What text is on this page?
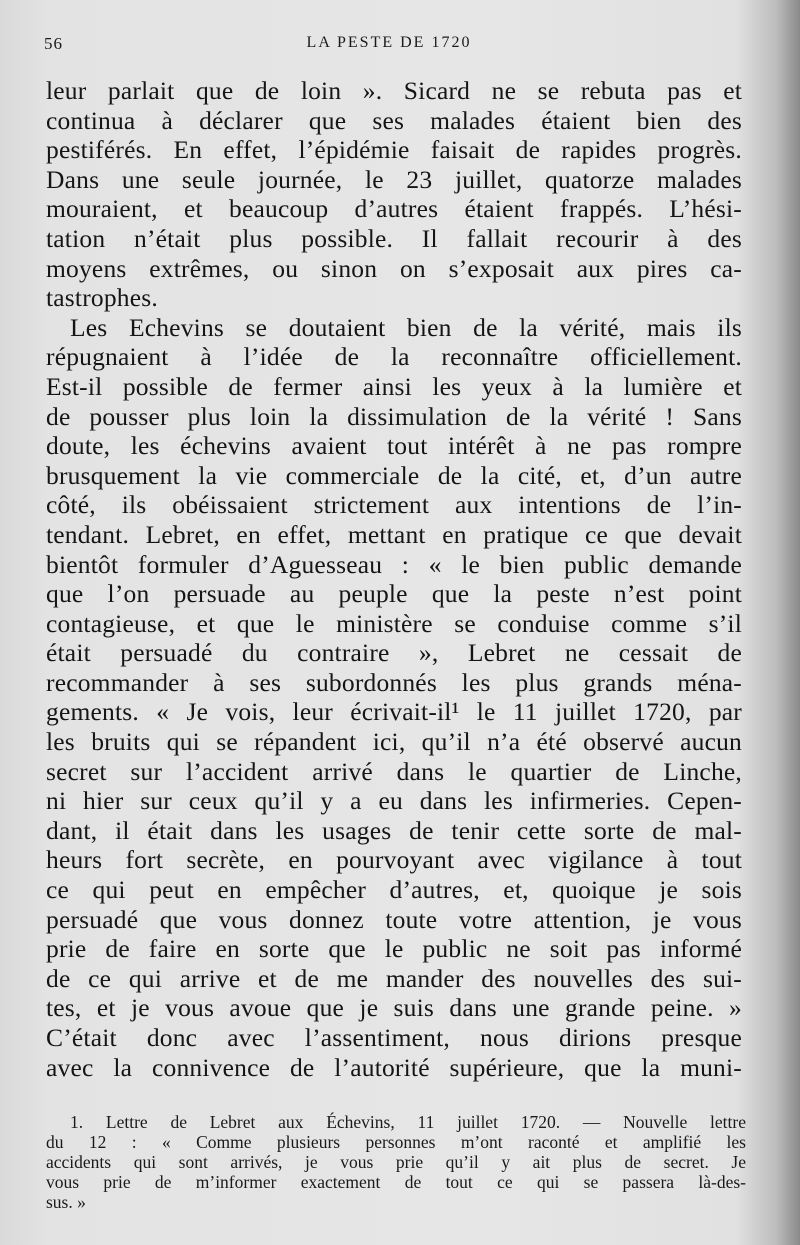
56	LA PESTE DE 1720
leur parlait que de loin ». Sicard ne se rebuta pas et
continua à déclarer que ses malades étaient bien des
pestiférés. En effet, l’épidémie faisait de rapides progrès.
Dans une seule journée, le 23 juillet, quatorze malades
mouraient, et beaucoup d’autres étaient frappés. L’hési-
tation n’était plus possible. Il fallait recourir à des
moyens extrêmes, ou sinon on s’exposait aux pires ca-
tastrophes.
Les Echevins se doutaient bien de la vérité, mais ils
répugnaient à l’idée de la reconnaître officiellement.
Est-il possible de fermer ainsi les yeux à la lumière et
de pousser plus loin la dissimulation de la vérité ! Sans
doute, les échevins avaient tout intérêt à ne pas rompre
brusquement la vie commerciale de la cité, et, d’un autre
côté, ils obéissaient strictement aux intentions de l’in-
tendant. Lebret, en effet, mettant en pratique ce que devait
bientôt formuler d’Aguesseau : « le bien public demande
que l’on persuade au peuple que la peste n’est point
contagieuse, et que le ministère se conduise comme s’il
était persuadé du contraire », Lebret ne cessait de
recommander à ses subordonnés les plus grands ména-
gements. « Je vois, leur écrivait-il¹ le 11 juillet 1720, par
les bruits qui se répandent ici, qu’il n’a été observé aucun
secret sur l’accident arrivé dans le quartier de Linche,
ni hier sur ceux qu’il y a eu dans les infirmeries. Cepen-
dant, il était dans les usages de tenir cette sorte de mal-
heurs fort secrète, en pourvoyant avec vigilance à tout
ce qui peut en empêcher d’autres, et, quoique je sois
persuadé que vous donnez toute votre attention, je vous
prie de faire en sorte que le public ne soit pas informé
de ce qui arrive et de me mander des nouvelles des sui-
tes, et je vous avoue que je suis dans une grande peine. »
C’était donc avec l’assentiment, nous dirions presque
avec la connivence de l’autorité supérieure, que la muni-
1. Lettre de Lebret aux Échevins, 11 juillet 1720. — Nouvelle lettre
du 12 : « Comme plusieurs personnes m’ont raconté et amplifié les
accidents qui sont arrivés, je vous prie qu’il y ait plus de secret. Je
vous prie de m’informer exactement de tout ce qui se passera là-des-
sus. »
